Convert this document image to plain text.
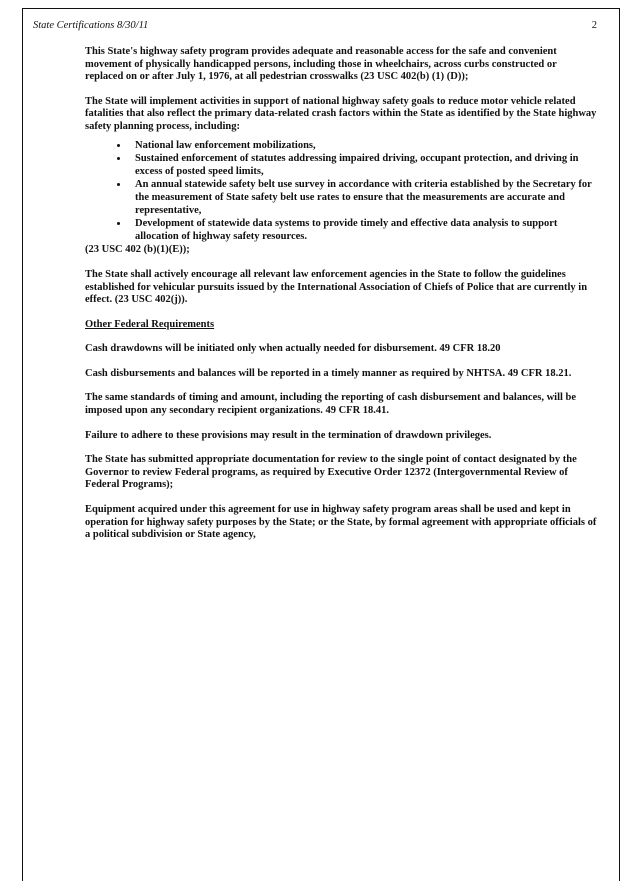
State Certifications 8/30/11	2

This State's highway safety program provides adequate and reasonable access for the safe and convenient movement of physically handicapped persons, including those in wheelchairs, across curbs constructed or replaced on or after July 1, 1976, at all pedestrian crosswalks (23 USC 402(b) (1) (D));

The State will implement activities in support of national highway safety goals to reduce motor vehicle related fatalities that also reflect the primary data-related crash factors within the State as identified by the State highway safety planning process, including:

• National law enforcement mobilizations,
• Sustained enforcement of statutes addressing impaired driving, occupant protection, and driving in excess of posted speed limits,
• An annual statewide safety belt use survey in accordance with criteria established by the Secretary for the measurement of State safety belt use rates to ensure that the measurements are accurate and representative,
• Development of statewide data systems to provide timely and effective data analysis to support allocation of highway safety resources.

(23 USC 402 (b)(1)(E));

The State shall actively encourage all relevant law enforcement agencies in the State to follow the guidelines established for vehicular pursuits issued by the International Association of Chiefs of Police that are currently in effect. (23 USC 402(j)).

Other Federal Requirements

Cash drawdowns will be initiated only when actually needed for disbursement. 49 CFR 18.20

Cash disbursements and balances will be reported in a timely manner as required by NHTSA. 49 CFR 18.21.

The same standards of timing and amount, including the reporting of cash disbursement and balances, will be imposed upon any secondary recipient organizations. 49 CFR 18.41.

Failure to adhere to these provisions may result in the termination of drawdown privileges.

The State has submitted appropriate documentation for review to the single point of contact designated by the Governor to review Federal programs, as required by Executive Order 12372 (Intergovernmental Review of Federal Programs);

Equipment acquired under this agreement for use in highway safety program areas shall be used and kept in operation for highway safety purposes by the State; or the State, by formal agreement with appropriate officials of a political subdivision or State agency,
